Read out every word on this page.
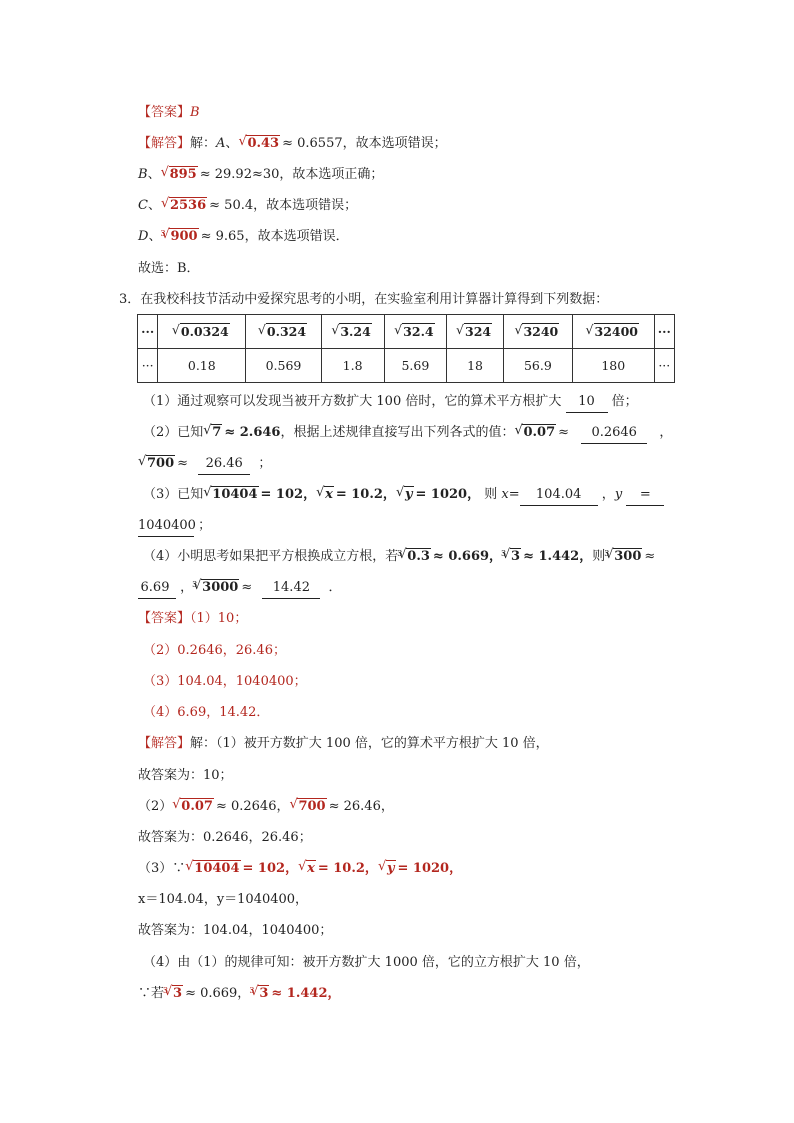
【答案】B
【解答】解：A、 √ 0.43 ≈ 0.6557，故本选项错误；
B、 √ 895 ≈ 29.92≈30，故本选项正确；
C、 √ 2536 ≈ 50.4，故本选项错误；
D、 √ 3 900 ≈ 9.65，故本选项错误．
故选：B．
3．在我校科技节活动中爱探究思考的小明，在实验室利用计算器计算得到下列数据：
···	√ 0.0324	√ 0.324	√ 3.24	√ 32.4	√ 324	√ 3240	√ 32400	···
···	0.18	0.569	1.8	5.69	18	56.9	180	···
（1）通过观察可以发现当被开方数扩大 100 倍时，它的算术平方根扩大 10 倍；
（2）已知 √ 7 ≈ 2.646，根据上述规律直接写出下列各式的值： √ 0.07 ≈ 0.2646 ，
√ 700 ≈ 26.46 ；
（3）已知 √ 10404 = 102， √ x = 10.2， √ y = 1020， 则 x= 104.04 ，y =
1040400 ；
（4）小明思考如果把平方根换成立方根，若 √ 3 0.3 ≈ 0.669， √ 3 3 ≈ 1.442，则 √ 3 300 ≈
6.69 ， √ 3 3000 ≈ 14.42 ．
【答案】（1）10；
（2）0.2646，26.46；
（3）104.04，1040400；
（4）6.69，14.42．
【解答】解：（1）被开方数扩大 100 倍，它的算术平方根扩大 10 倍，
故答案为：10；
（2） √ 0.07 ≈ 0.2646， √ 700 ≈ 26.46，
故答案为：0.2646，26.46；
（3）∵ √ 10404 = 102， √ x = 10.2， √ y = 1020，
x＝104.04，y＝1040400，
故答案为：104.04，1040400；
（4）由（1）的规律可知：被开方数扩大 1000 倍，它的立方根扩大 10 倍，
∵若 √ 3 3 ≈ 0.669， √ 3 3 ≈ 1.442，
